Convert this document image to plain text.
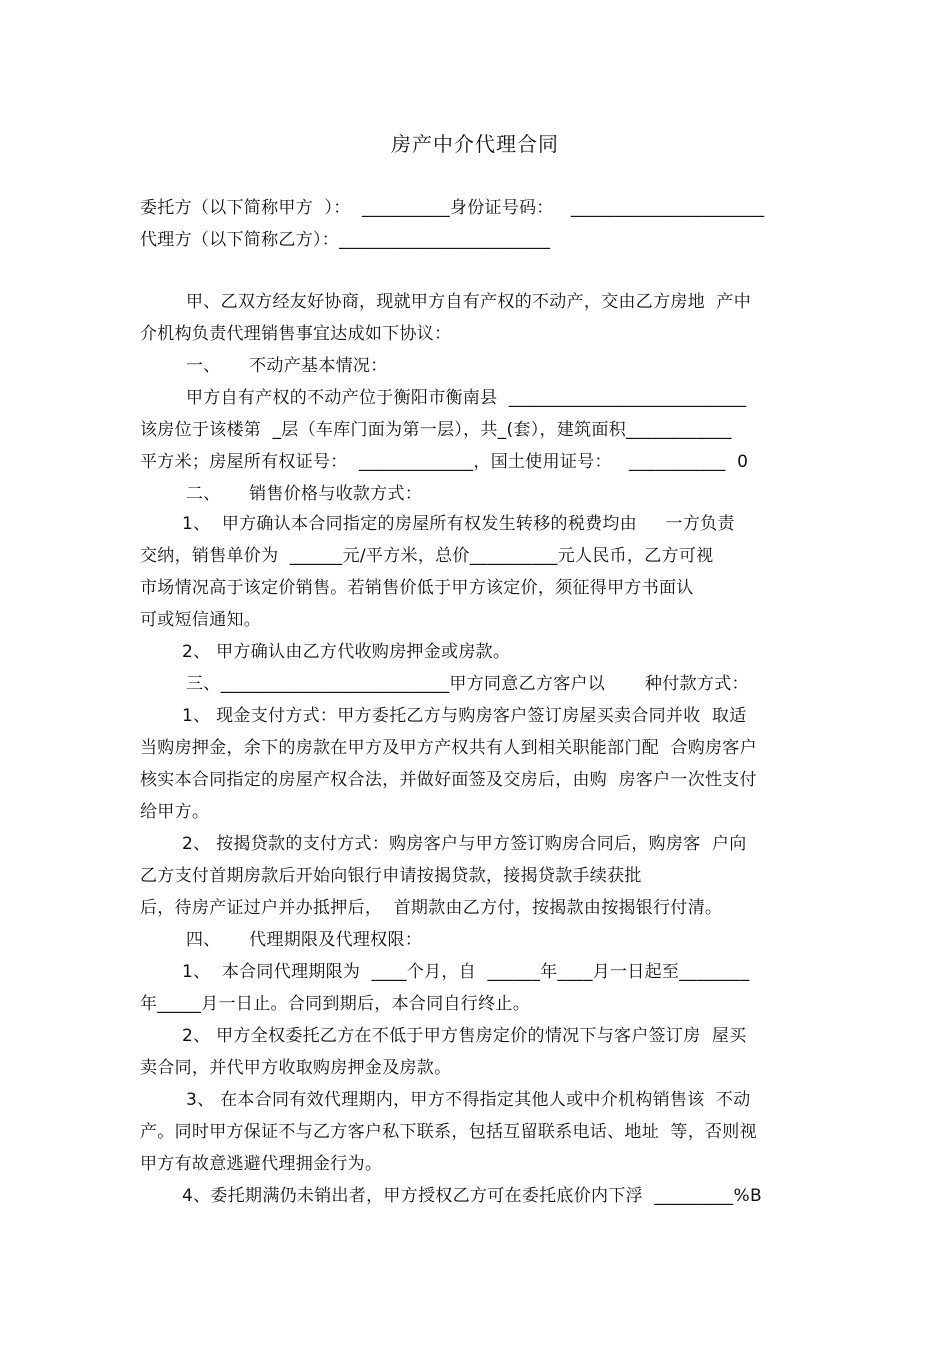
房产中介代理合同
委托方（以下简称甲方  ）：  __________身份证号码：   ______________________
代理方（以下简称乙方）：________________________
甲、乙双方经友好协商，现就甲方自有产权的不动产，交由乙方房地  产中
介机构负责代理销售事宜达成如下协议：
一、     不动产基本情况：
甲方自有产权的不动产位于衡阳市衡南县  ___________________________
该房位于该楼第  _层（车库门面为第一层），共_(套），建筑面积____________
平方米；房屋所有权证号：  _____________，国土使用证号：   ___________  0
二、     销售价格与收款方式：
1、  甲方确认本合同指定的房屋所有权发生转移的税费均由     一方负责
交纳，销售单价为  ______元/平方米，总价__________元人民币，乙方可视
市场情况高于该定价销售。若销售价低于甲方该定价，须征得甲方书面认
可或短信通知。
2、 甲方确认由乙方代收购房押金或房款。
三、__________________________甲方同意乙方客户以       种付款方式：
1、 现金支付方式：甲方委托乙方与购房客户签订房屋买卖合同并收  取适
当购房押金，余下的房款在甲方及甲方产权共有人到相关职能部门配  合购房客户
核实本合同指定的房屋产权合法，并做好面签及交房后，由购  房客户一次性支付
给甲方。
2、 按揭贷款的支付方式：购房客户与甲方签订购房合同后，购房客  户向
乙方支付首期房款后开始向银行申请按揭贷款，接揭贷款手续获批
后，待房产证过户并办抵押后，  首期款由乙方付，按揭款由按揭银行付清。
四、     代理期限及代理权限：
1、  本合同代理期限为  ____个月，自  ______年____月一日起至________
年_____月一日止。合同到期后，本合同自行终止。
2、 甲方全权委托乙方在不低于甲方售房定价的情况下与客户签订房  屋买
卖合同，并代甲方收取购房押金及房款。
3、 在本合同有效代理期内，甲方不得指定其他人或中介机构销售该  不动
产。同时甲方保证不与乙方客户私下联系，包括互留联系电话、地址  等，否则视
甲方有故意逃避代理拥金行为。
4、委托期满仍未销出者，甲方授权乙方可在委托底价内下浮  _________%B
